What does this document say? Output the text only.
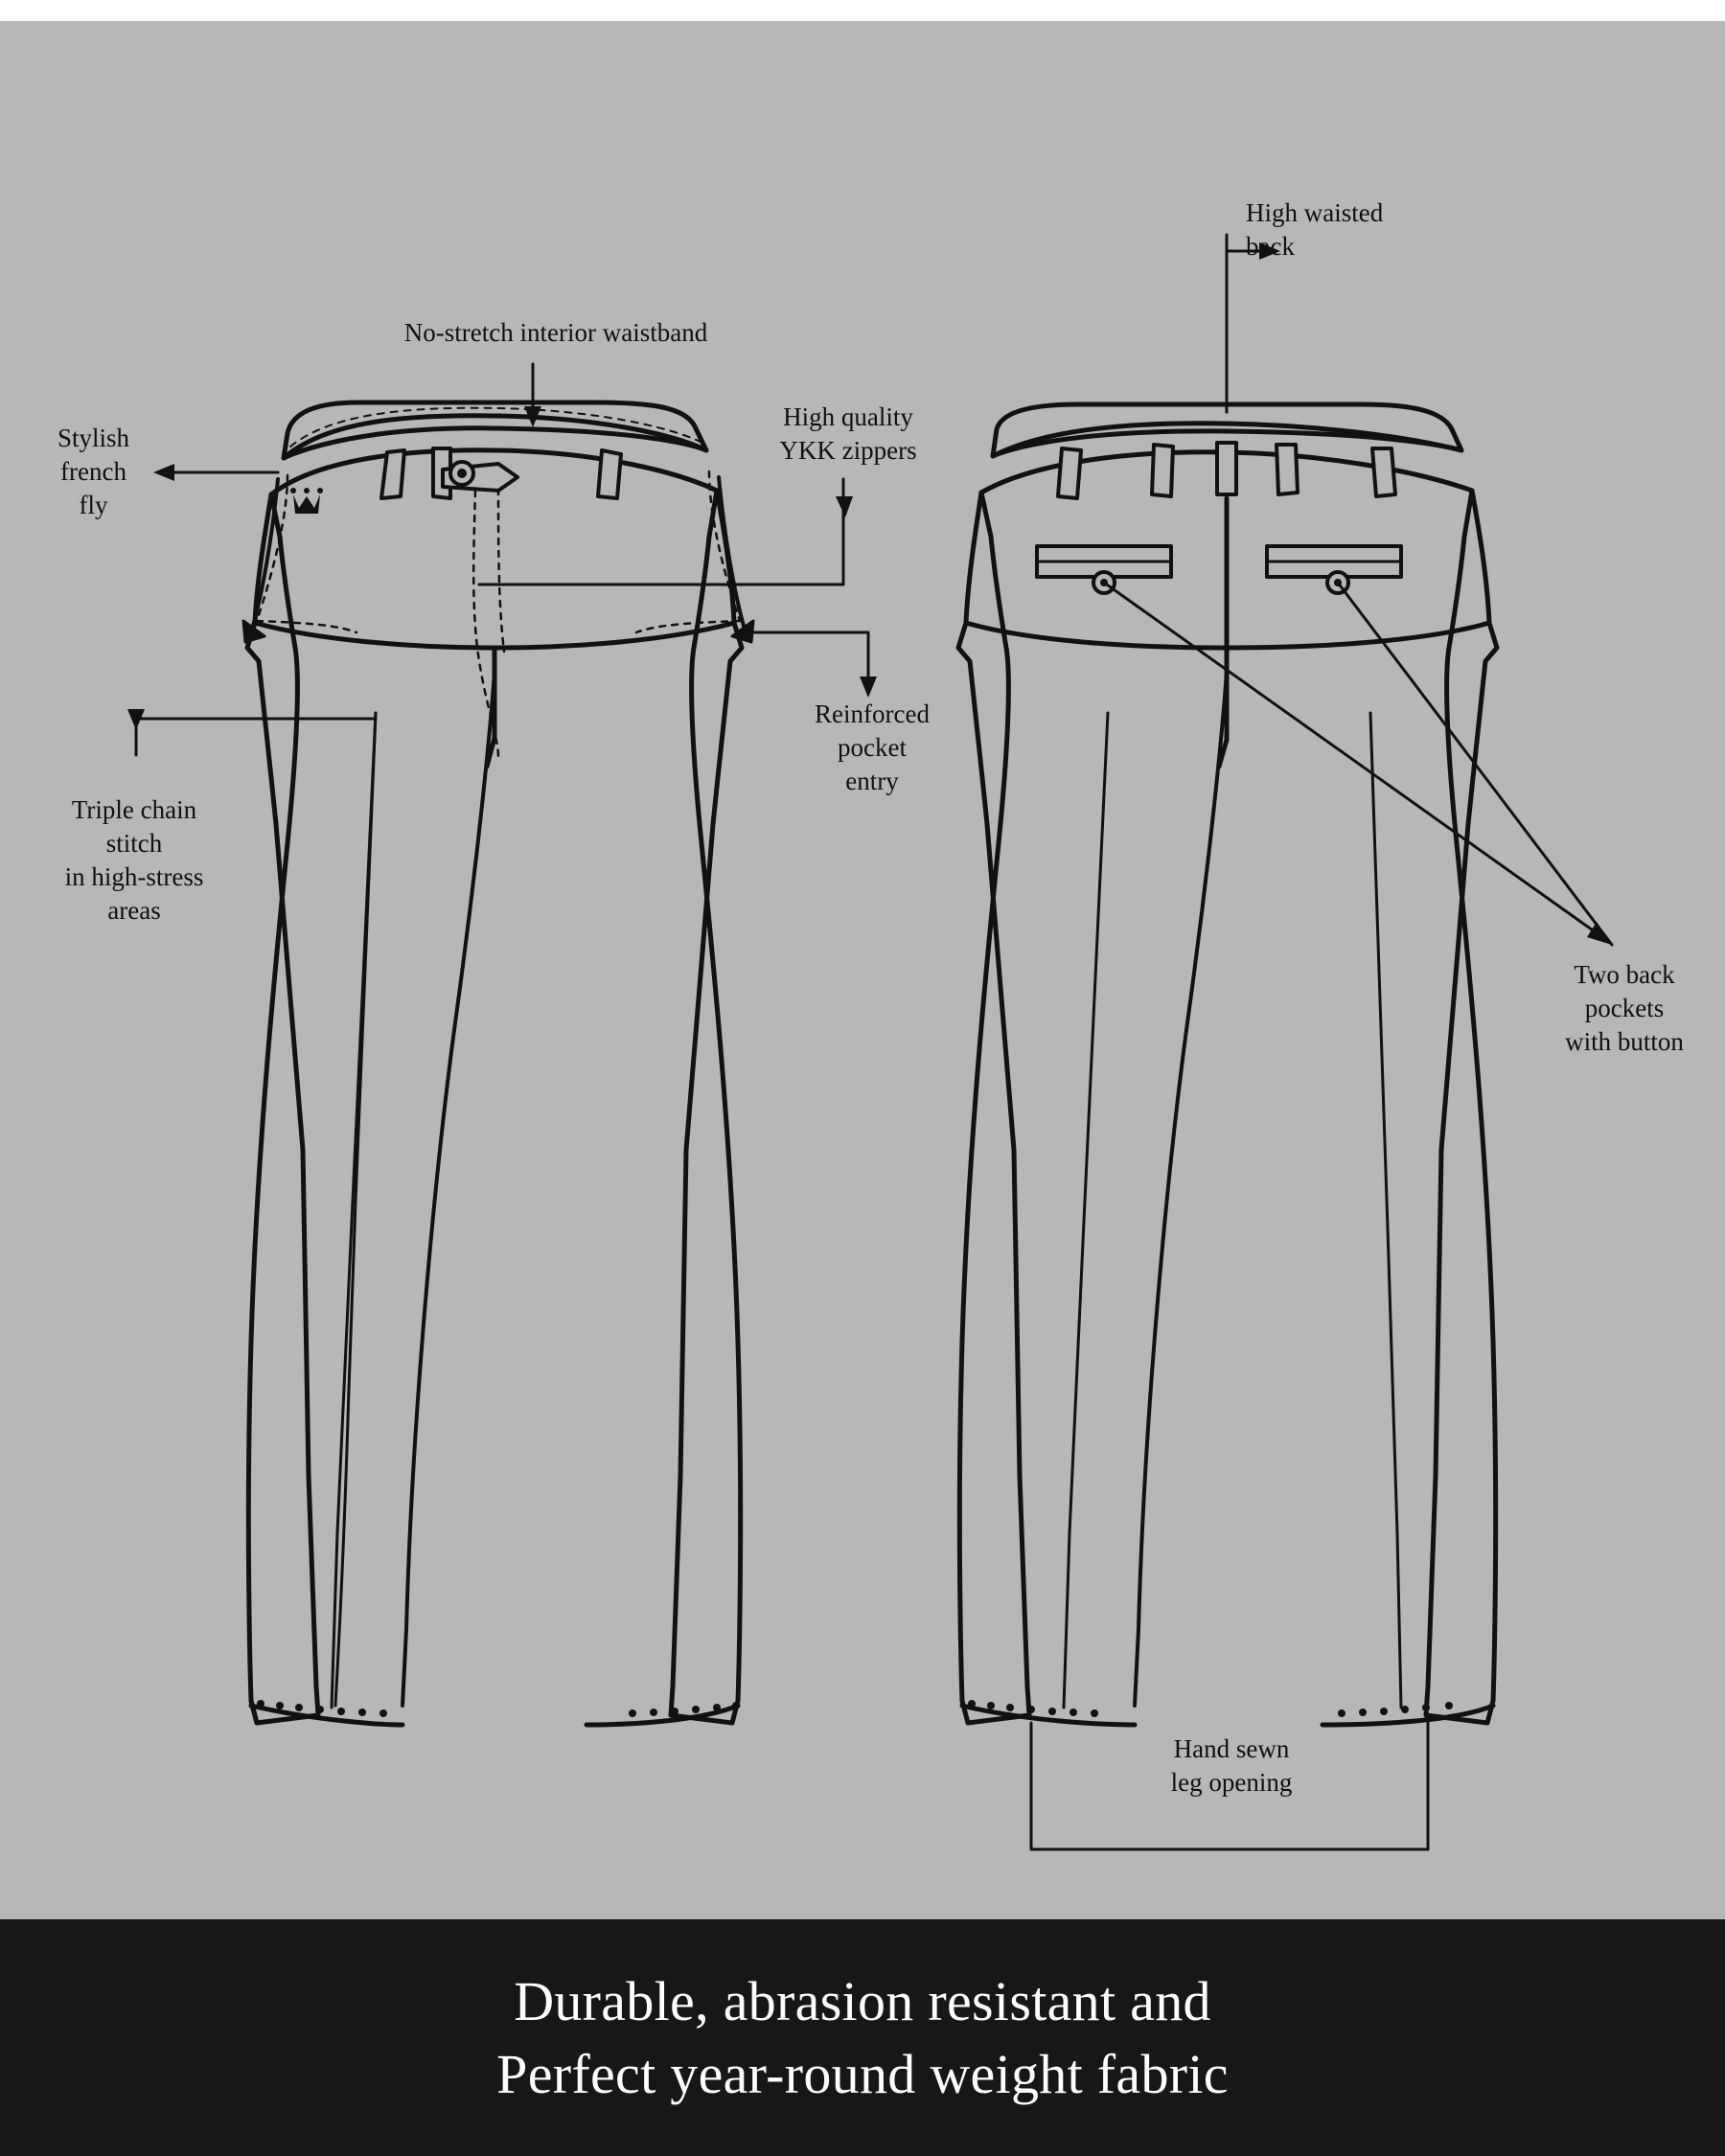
No-stretch interior waistband
High waisted
back
Stylish
french
fly
High quality
YKK zippers
Reinforced
pocket
entry
Triple chain
stitch
in high-stress
areas
Two back
pockets
with button
Hand sewn
leg opening
Durable, abrasion resistant and
Perfect year-round weight fabric
